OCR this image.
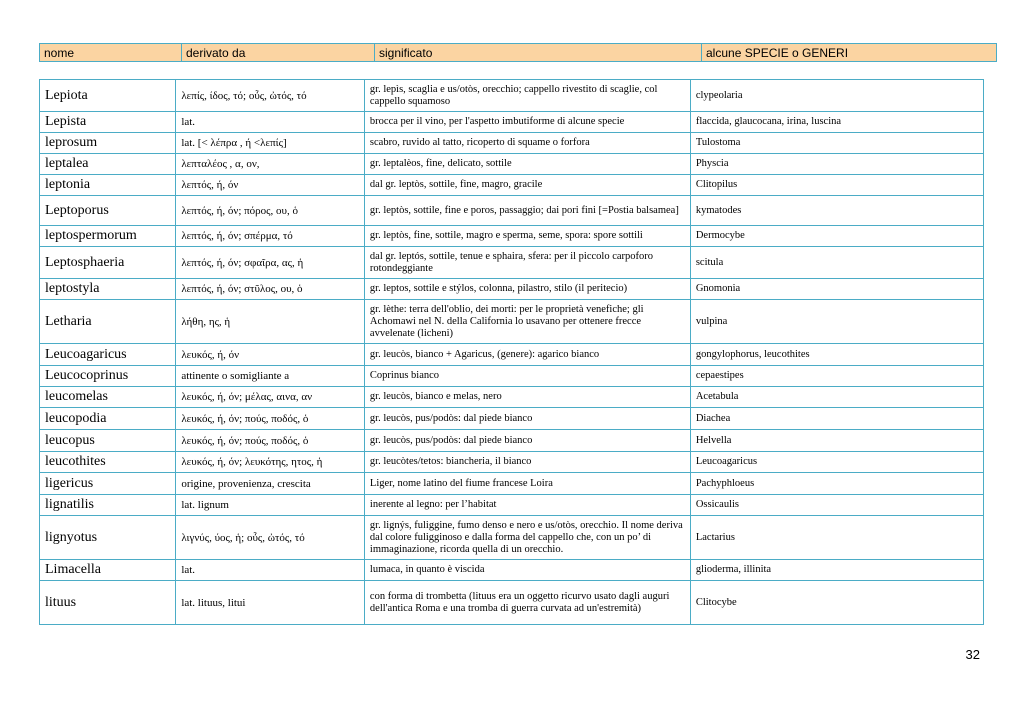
nome	derivato da	significato	alcune SPECIE o GENERI
Lepiota	λεπίς, ίδος, τό; οὖς, ὠτός, τό	gr. lepìs, scaglia e us/otòs, orecchio; cappello rivestito di scaglie, col cappello squamoso	clypeolaria
Lepista	lat.	brocca per il vino, per l'aspetto imbutiforme di alcune specie	flaccida, glaucocana, irina, luscina
leprosum	lat. [< λέπρα , ή <λεπίς]	scabro, ruvido al tatto, ricoperto di squame o forfora	Tulostoma
leptalea	λεπταλέος , α, ον,	gr. leptalèos, fine, delicato, sottile	Physcia
leptonia	λεπτός, ή, όν	dal gr. leptòs, sottile, fine, magro, gracile	Clitopilus
Leptoporus	λεπτός, ή, όν; πόρος, ου, ὁ	gr. leptòs, sottile, fine e poros, passaggio; dai pori fini [=Postia balsamea]	kymatodes
leptospermorum	λεπτός, ή, όν; σπέρμα, τό	gr. leptòs, fine, sottile, magro e sperma, seme, spora: spore sottili	Dermocybe
Leptosphaeria	λεπτός, ή, όν; σφαῖρα, ας, ἡ	dal gr. leptós, sottile, tenue e sphaira, sfera: per il piccolo carpoforo rotondeggiante	scitula
leptostyla	λεπτός, ή, όν; στῦλος, ου, ὁ	gr. leptos, sottile e stýlos, colonna, pilastro, stilo (il peritecio)	Gnomonia
Letharia	λήθη, ης, ἡ	gr. lèthe: terra dell'oblio, dei morti: per le proprietà venefiche; gli Achomawi nel N. della California lo usavano per ottenere frecce avvelenate (licheni)	vulpina
Leucoagaricus	λευκός, ή, όν	gr. leucòs, bianco + Agaricus, (genere): agarico bianco	gongylophorus, leucothites
Leucocoprinus	attinente o somigliante a	Coprinus bianco	cepaestipes
leucomelas	λευκός, ή, όν; μέλας, αινα, αν	gr. leucòs, bianco e melas, nero	Acetabula
leucopodia	λευκός, ή, όν; πούς, ποδός, ὁ	gr. leucòs, pus/podòs: dal piede bianco	Diachea
leucopus	λευκός, ή, όν; πούς, ποδός, ὁ	gr. leucòs, pus/podòs: dal piede bianco	Helvella
leucothites	λευκός, ή, όν; λευκότης, ητος, ἡ	gr. leucòtes/tetos: biancheria, il bianco	Leucoagaricus
ligericus	origine, provenienza, crescita	Liger, nome latino del fiume francese Loira	Pachyphloeus
lignatilis	lat. lignum	inerente al legno: per l’habitat	Ossicaulis
lignyotus	λιγνύς, ύος, ἡ; οὖς, ὠτός, τό	gr. lignýs, fuliggine, fumo denso e nero e us/otòs, orecchio. Il nome deriva dal colore fuligginoso e dalla forma del cappello che, con un po’ di immaginazione, ricorda quella di un orecchio.	Lactarius
Limacella	lat.	lumaca, in quanto è viscida	glioderma, illinita
lituus	lat. lituus, litui	con forma di trombetta (lituus era un oggetto ricurvo usato dagli auguri dell'antica Roma e una tromba di guerra curvata ad un'estremità)	Clitocybe
32
